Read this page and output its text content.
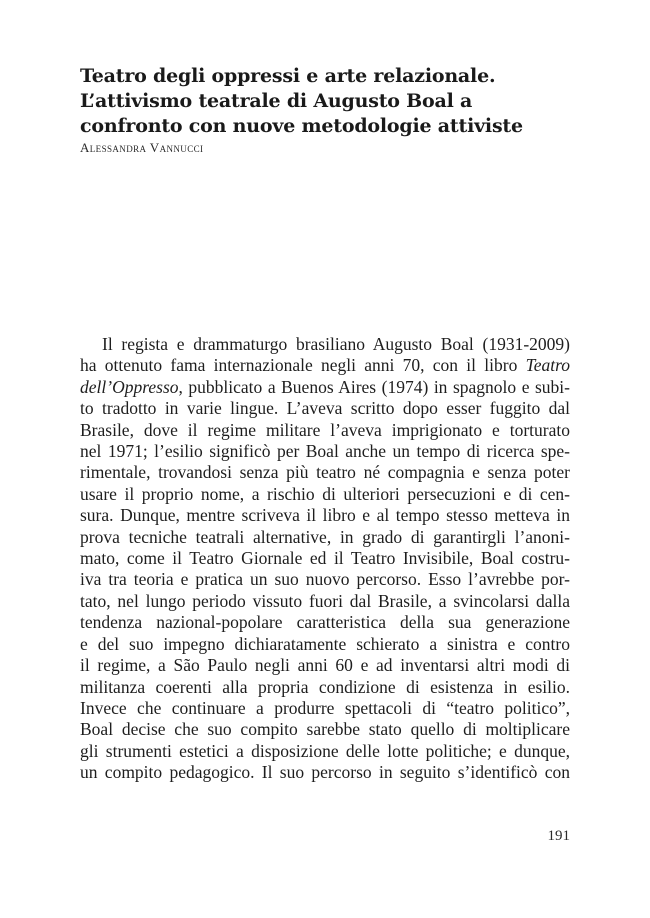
Teatro degli oppressi e arte relazionale.
L’attivismo teatrale di Augusto Boal a
confronto con nuove metodologie attiviste
Alessandra Vannucci
Il regista e drammaturgo brasiliano Augusto Boal (1931-2009)
ha ottenuto fama internazionale negli anni 70, con il libro Teatro
dell’Oppresso, pubblicato a Buenos Aires (1974) in spagnolo e subi-
to tradotto in varie lingue. L’aveva scritto dopo esser fuggito dal
Brasile, dove il regime militare l’aveva imprigionato e torturato
nel 1971; l’esilio significò per Boal anche un tempo di ricerca spe-
rimentale, trovandosi senza più teatro né compagnia e senza poter
usare il proprio nome, a rischio di ulteriori persecuzioni e di cen-
sura. Dunque, mentre scriveva il libro e al tempo stesso metteva in
prova tecniche teatrali alternative, in grado di garantirgli l’anoni-
mato, come il Teatro Giornale ed il Teatro Invisibile, Boal costru-
iva tra teoria e pratica un suo nuovo percorso. Esso l’avrebbe por-
tato, nel lungo periodo vissuto fuori dal Brasile, a svincolarsi dalla
tendenza nazional-popolare caratteristica della sua generazione
e del suo impegno dichiaratamente schierato a sinistra e contro
il regime, a São Paulo negli anni 60 e ad inventarsi altri modi di
militanza coerenti alla propria condizione di esistenza in esilio.
Invece che continuare a produrre spettacoli di “teatro politico”,
Boal decise che suo compito sarebbe stato quello di moltiplicare
gli strumenti estetici a disposizione delle lotte politiche; e dunque,
un compito pedagogico. Il suo percorso in seguito s’identificò con
191
